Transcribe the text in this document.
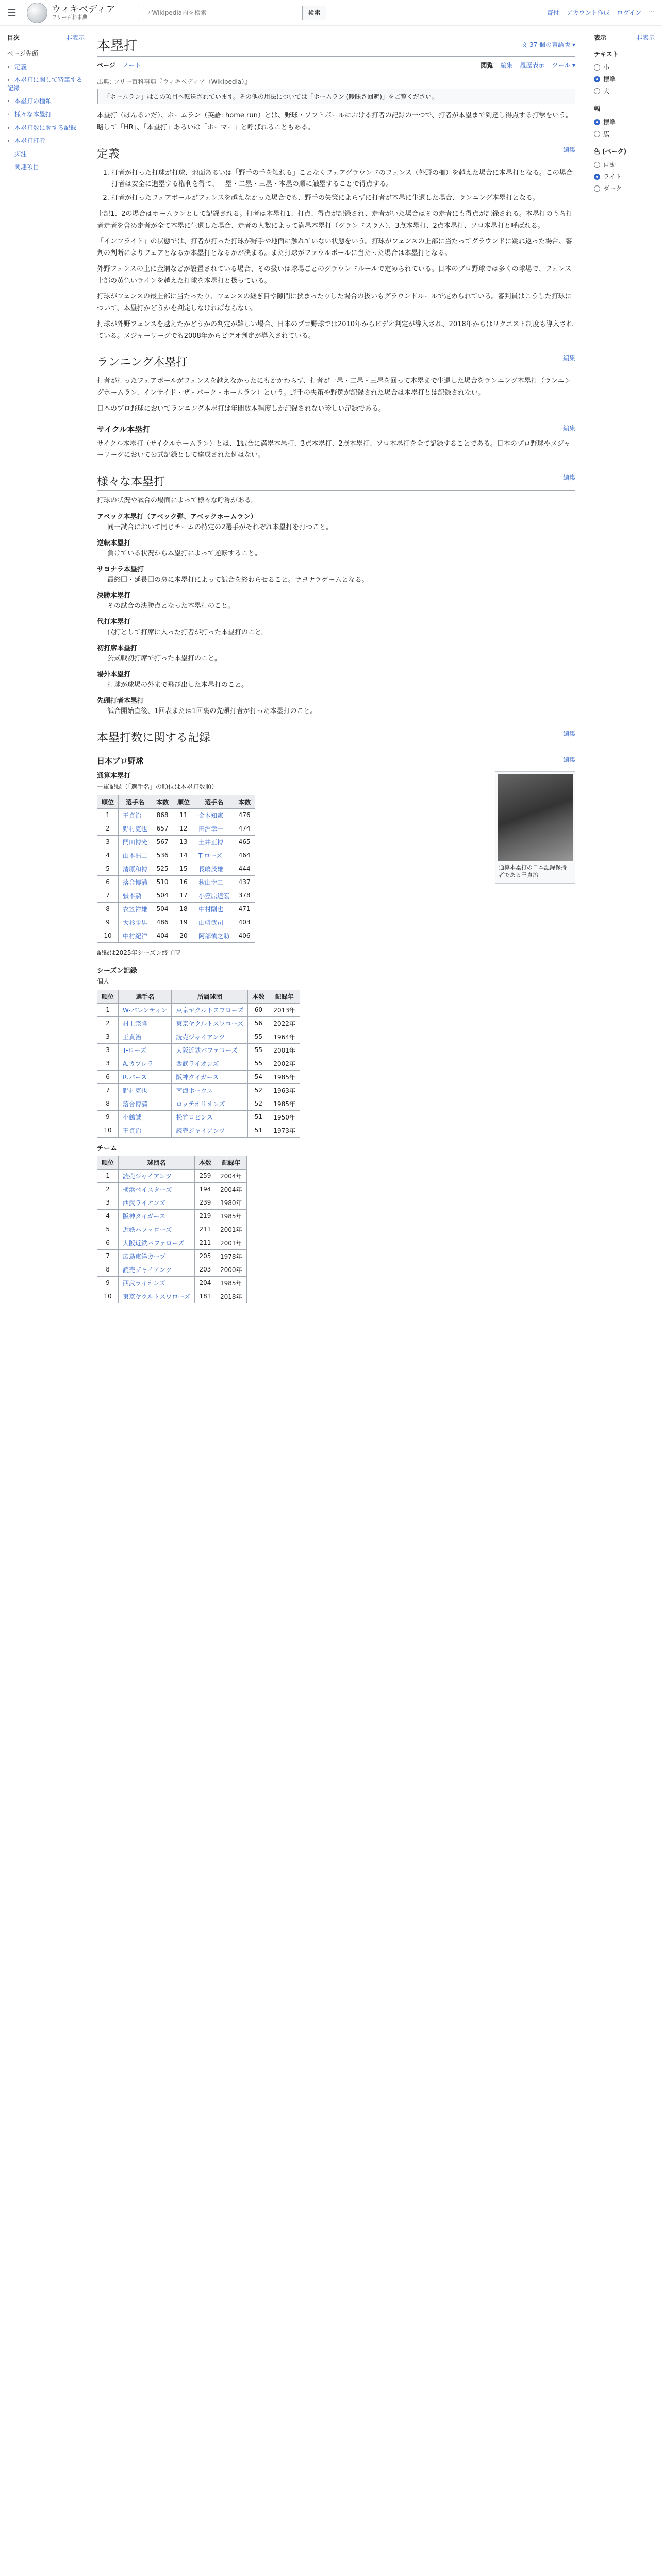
☰	ウィキペディア
フリー百科事典
Wikipedia内を検索
検索	寄付 アカウント作成 ログイン ⋯
目次	非表示
ページ先頭
› 定義
› 本塁打に関して特筆する記録
› 本塁打の種類
› 様々な本塁打
› 本塁打数に関する記録
› 本塁打打者
脚注
関連項目
本塁打	文 37 個の言語版 ▾
ページ ノート	閲覧 編集 履歴表示 ツール ▾
出典: フリー百科事典『ウィキペディア（Wikipedia）』
「ホームラン」はこの項目へ転送されています。その他の用法については「ホームラン (曖昧さ回避)」をご覧ください。

本塁打（ほんるいだ）、ホームラン（英語: home run）とは、野球・ソフトボールにおける打者の記録の一つで、打者が本塁まで到達し得点する打撃をいう。略して「HR」、「本塁打」あるいは「ホーマー」と呼ばれることもある。

定義	編集
1. 打者が打った打球が打球、地面あるいは「野手の手を触れる」ことなくフェアグラウンドのフェンス（外野の柵）を越えた場合に本塁打となる。この場合打者は安全に進塁する権利を得て、一塁・二塁・三塁・本塁の順に触塁することで得点する。
2. 打者が打ったフェアボールがフェンスを越えなかった場合でも、野手の失策によらずに打者が本塁に生還した場合、ランニング本塁打となる。

上記1、2の場合はホームランとして記録される。打者は本塁打1、打点、得点が記録され、走者がいた場合はその走者にも得点が記録される。本塁打のうち打者走者を含め走者が全て本塁に生還した場合、走者の人数によって満塁本塁打（グランドスラム）、3点本塁打、2点本塁打、ソロ本塁打と呼ばれる。

「インフライト」の状態では、打者が打った打球が野手や地面に触れていない状態をいう。打球がフェンスの上部に当たってグラウンドに跳ね返った場合、審判の判断によりフェアとなるか本塁打となるかが決まる。また打球がファウルポールに当たった場合は本塁打となる。

外野フェンスの上に金網などが設置されている場合、その扱いは球場ごとのグラウンドルールで定められている。日本のプロ野球では多くの球場で、フェンス上部の黄色いラインを越えた打球を本塁打と扱っている。

打球がフェンスの最上部に当たったり、フェンスの継ぎ目や隙間に挟まったりした場合の扱いもグラウンドルールで定められている。審判員はこうした打球について、本塁打かどうかを判定しなければならない。

打球が外野フェンスを越えたかどうかの判定が難しい場合、日本のプロ野球では2010年からビデオ判定が導入され、2018年からはリクエスト制度も導入されている。メジャーリーグでも2008年からビデオ判定が導入されている。

ランニング本塁打	編集

打者が打ったフェアボールがフェンスを越えなかったにもかかわらず、打者が一塁・二塁・三塁を回って本塁まで生還した場合をランニング本塁打（ランニングホームラン、インサイド・ザ・パーク・ホームラン）という。野手の失策や野選が記録された場合は本塁打とは記録されない。

日本のプロ野球においてランニング本塁打は年間数本程度しか記録されない珍しい記録である。

サイクル本塁打	編集

サイクル本塁打（サイクルホームラン）とは、1試合に満塁本塁打、3点本塁打、2点本塁打、ソロ本塁打を全て記録することである。日本のプロ野球やメジャーリーグにおいて公式記録として達成された例はない。

様々な本塁打	編集

打球の状況や試合の場面によって様々な呼称がある。

アベック本塁打（アベック弾、アベックホームラン）
同一試合において同じチームの特定の2選手がそれぞれ本塁打を打つこと。
逆転本塁打
負けている状況から本塁打によって逆転すること。
サヨナラ本塁打
最終回・延長回の裏に本塁打によって試合を終わらせること。サヨナラゲームとなる。
決勝本塁打
その試合の決勝点となった本塁打のこと。
代打本塁打
代打として打席に入った打者が打った本塁打のこと。
初打席本塁打
公式戦初打席で打った本塁打のこと。
場外本塁打
打球が球場の外まで飛び出した本塁打のこと。
先頭打者本塁打
試合開始直後、1回表または1回裏の先頭打者が打った本塁打のこと。
本塁打数に関する記録	編集
日本プロ野球	編集
通算本塁打の日本記録保持者である王貞治
通算本塁打
一軍記録（「選手名」の順位は本塁打数順）
順位	選手名	本数	順位	選手名	本数
1	王貞治	868	11	金本知憲	476
2	野村克也	657	12	田淵幸一	474
3	門田博光	567	13	土井正博	465
4	山本浩二	536	14	T-ローズ	464
5	清原和博	525	15	長嶋茂雄	444
6	落合博満	510	16	秋山幸二	437
7	張本勲	504	17	小笠原道宏	378
8	衣笠祥雄	504	18	中村剛也	471
9	大杉勝男	486	19	山﨑武司	403
10	中村紀洋	404	20	阿部慎之助	406
記録は2025年シーズン終了時
シーズン記録
個人
順位	選手名	所属球団	本数	記録年
1	W-バレンティン	東京ヤクルトスワローズ	60	2013年
2	村上宗隆	東京ヤクルトスワローズ	56	2022年
3	王貞治	読売ジャイアンツ	55	1964年
3	T-ローズ	大阪近鉄バファローズ	55	2001年
3	A.カブレラ	西武ライオンズ	55	2002年
6	R.バース	阪神タイガース	54	1985年
7	野村克也	南海ホークス	52	1963年
8	落合博満	ロッテオリオンズ	52	1985年
9	小鶴誠	松竹ロビンス	51	1950年
10	王貞治	読売ジャイアンツ	51	1973年
チーム
順位	球団名	本数	記録年
1	読売ジャイアンツ	259	2004年
2	横浜ベイスターズ	194	2004年
3	西武ライオンズ	239	1980年
4	阪神タイガース	219	1985年
5	近鉄バファローズ	211	2001年
6	大阪近鉄バファローズ	211	2001年
7	広島東洋カープ	205	1978年
8	読売ジャイアンツ	203	2000年
9	西武ライオンズ	204	1985年
10	東京ヤクルトスワローズ	181	2018年
表示	非表示
テキスト
小
標準
大
幅
標準
広
色 (ベータ)
自動
ライト
ダーク
